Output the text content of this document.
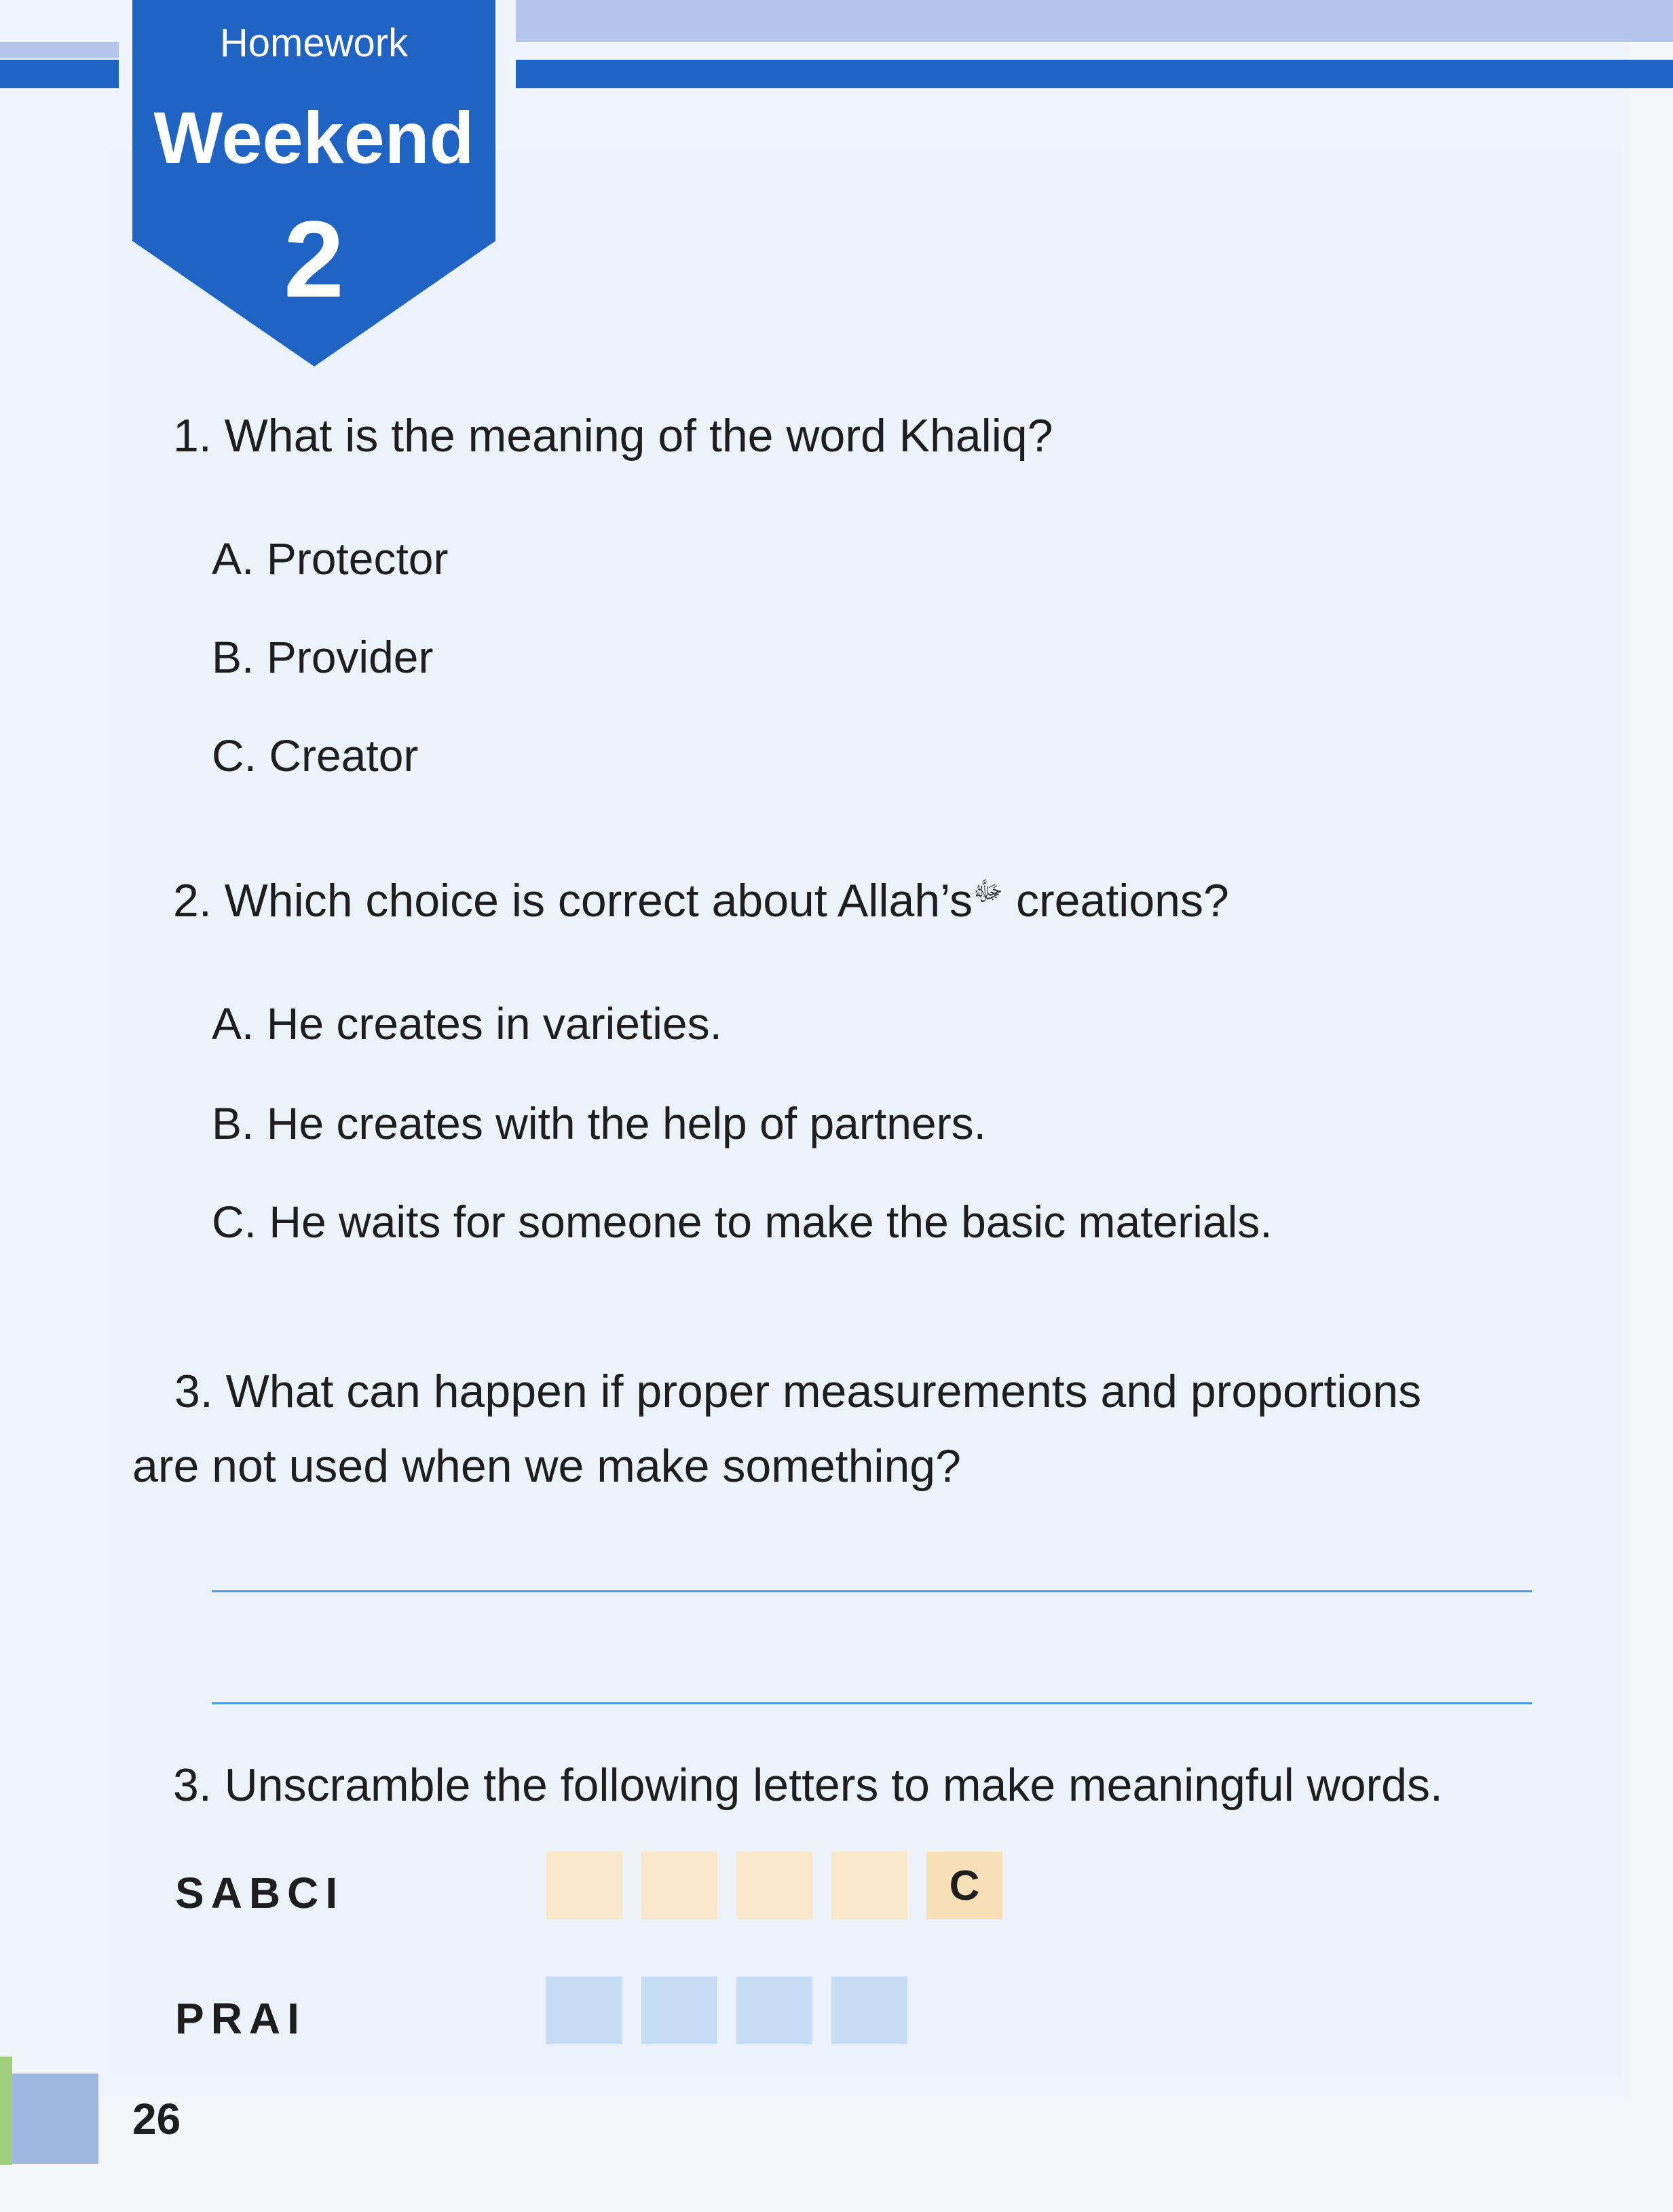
Homework
Weekend
2
1. What is the meaning of the word Khaliq?
A. Protector
B. Provider
C. Creator
2. Which choice is correct about $Allah’s^ﷻ$ creations?
A. He creates in varieties.
B. He creates with the help of partners.
C. He waits for someone to make the basic materials.
3. What can happen if proper measurements and proportions
are not used when we make something?
3. Unscramble the following letters to make meaningful words.
SABCI	C
PRAI
26
